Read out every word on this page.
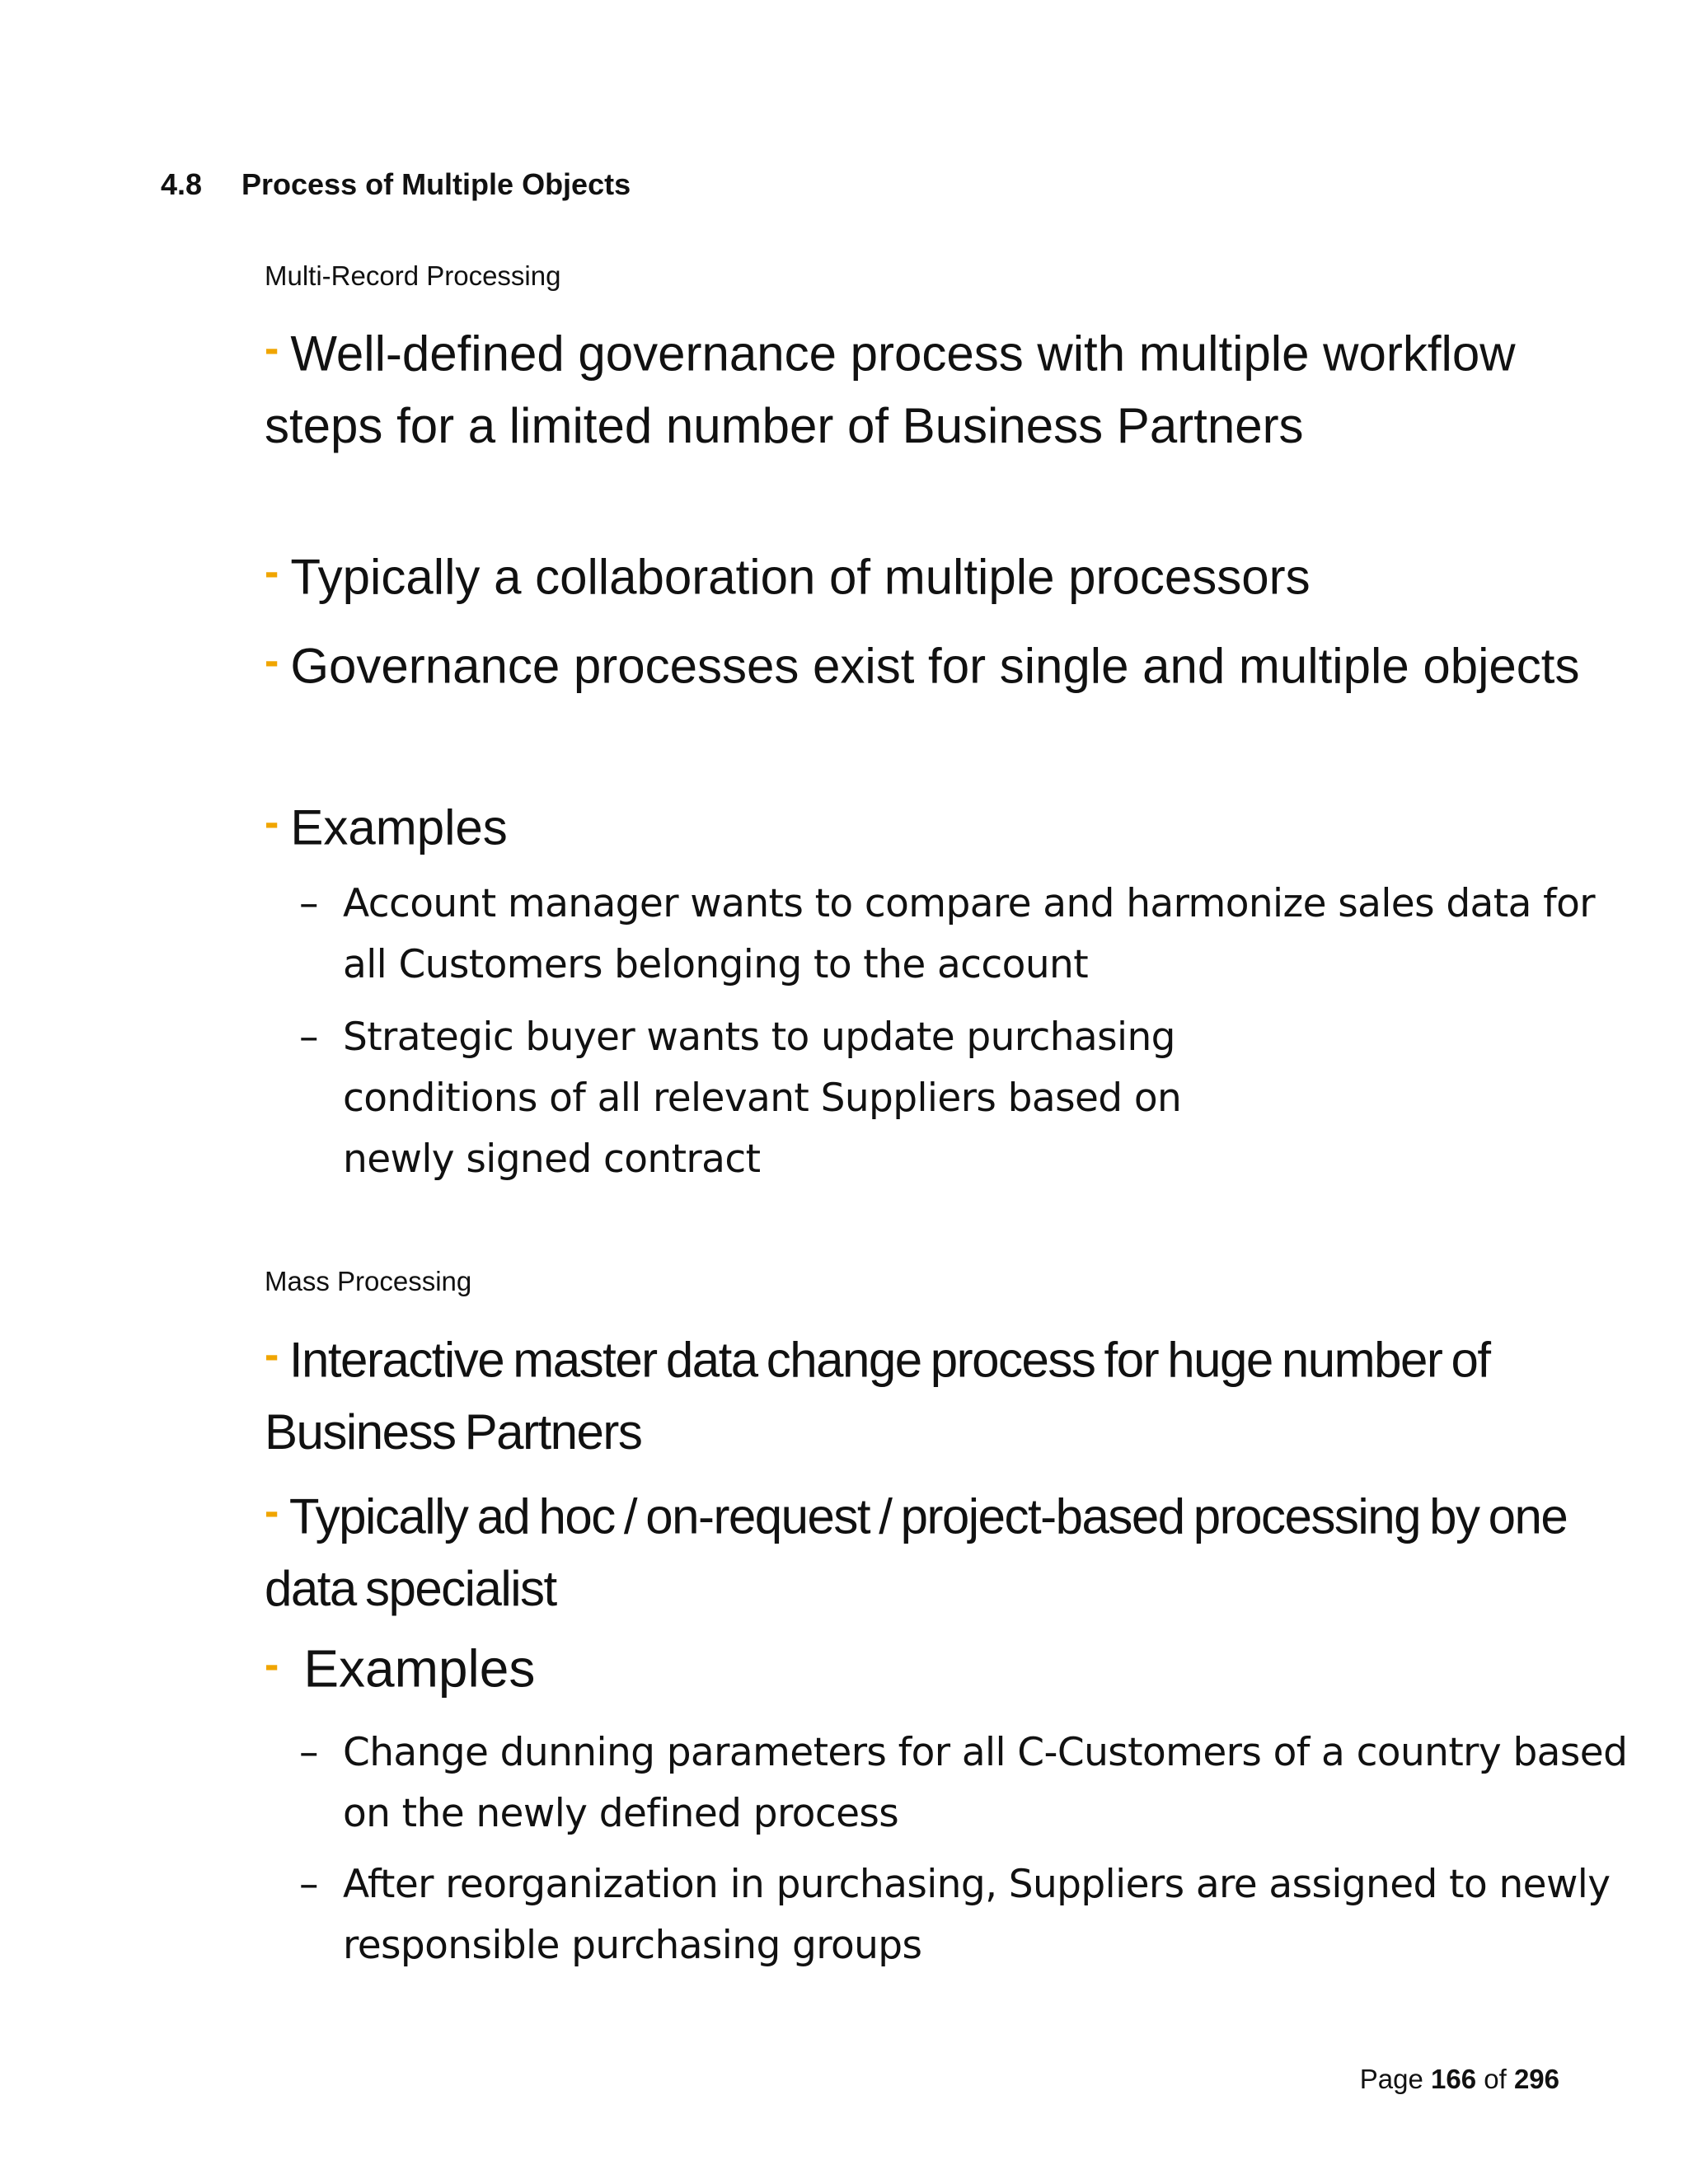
4.8 Process of Multiple Objects
Multi-Record Processing
- Well-defined governance process with multiple workflow steps for a limited number of Business Partners
- Typically a collaboration of multiple processors
- Governance processes exist for single and multiple objects
- Examples
– Account manager wants to compare and harmonize sales data for all Customers belonging to the account
– Strategic buyer wants to update purchasing conditions of all relevant Suppliers based on newly signed contract
Mass Processing
- Interactive master data change process for huge number of Business Partners
- Typically ad hoc / on-request / project-based processing by one data specialist
- Examples
– Change dunning parameters for all C-Customers of a country based on the newly defined process
– After reorganization in purchasing, Suppliers are assigned to newly responsible purchasing groups
Page 166 of 296
